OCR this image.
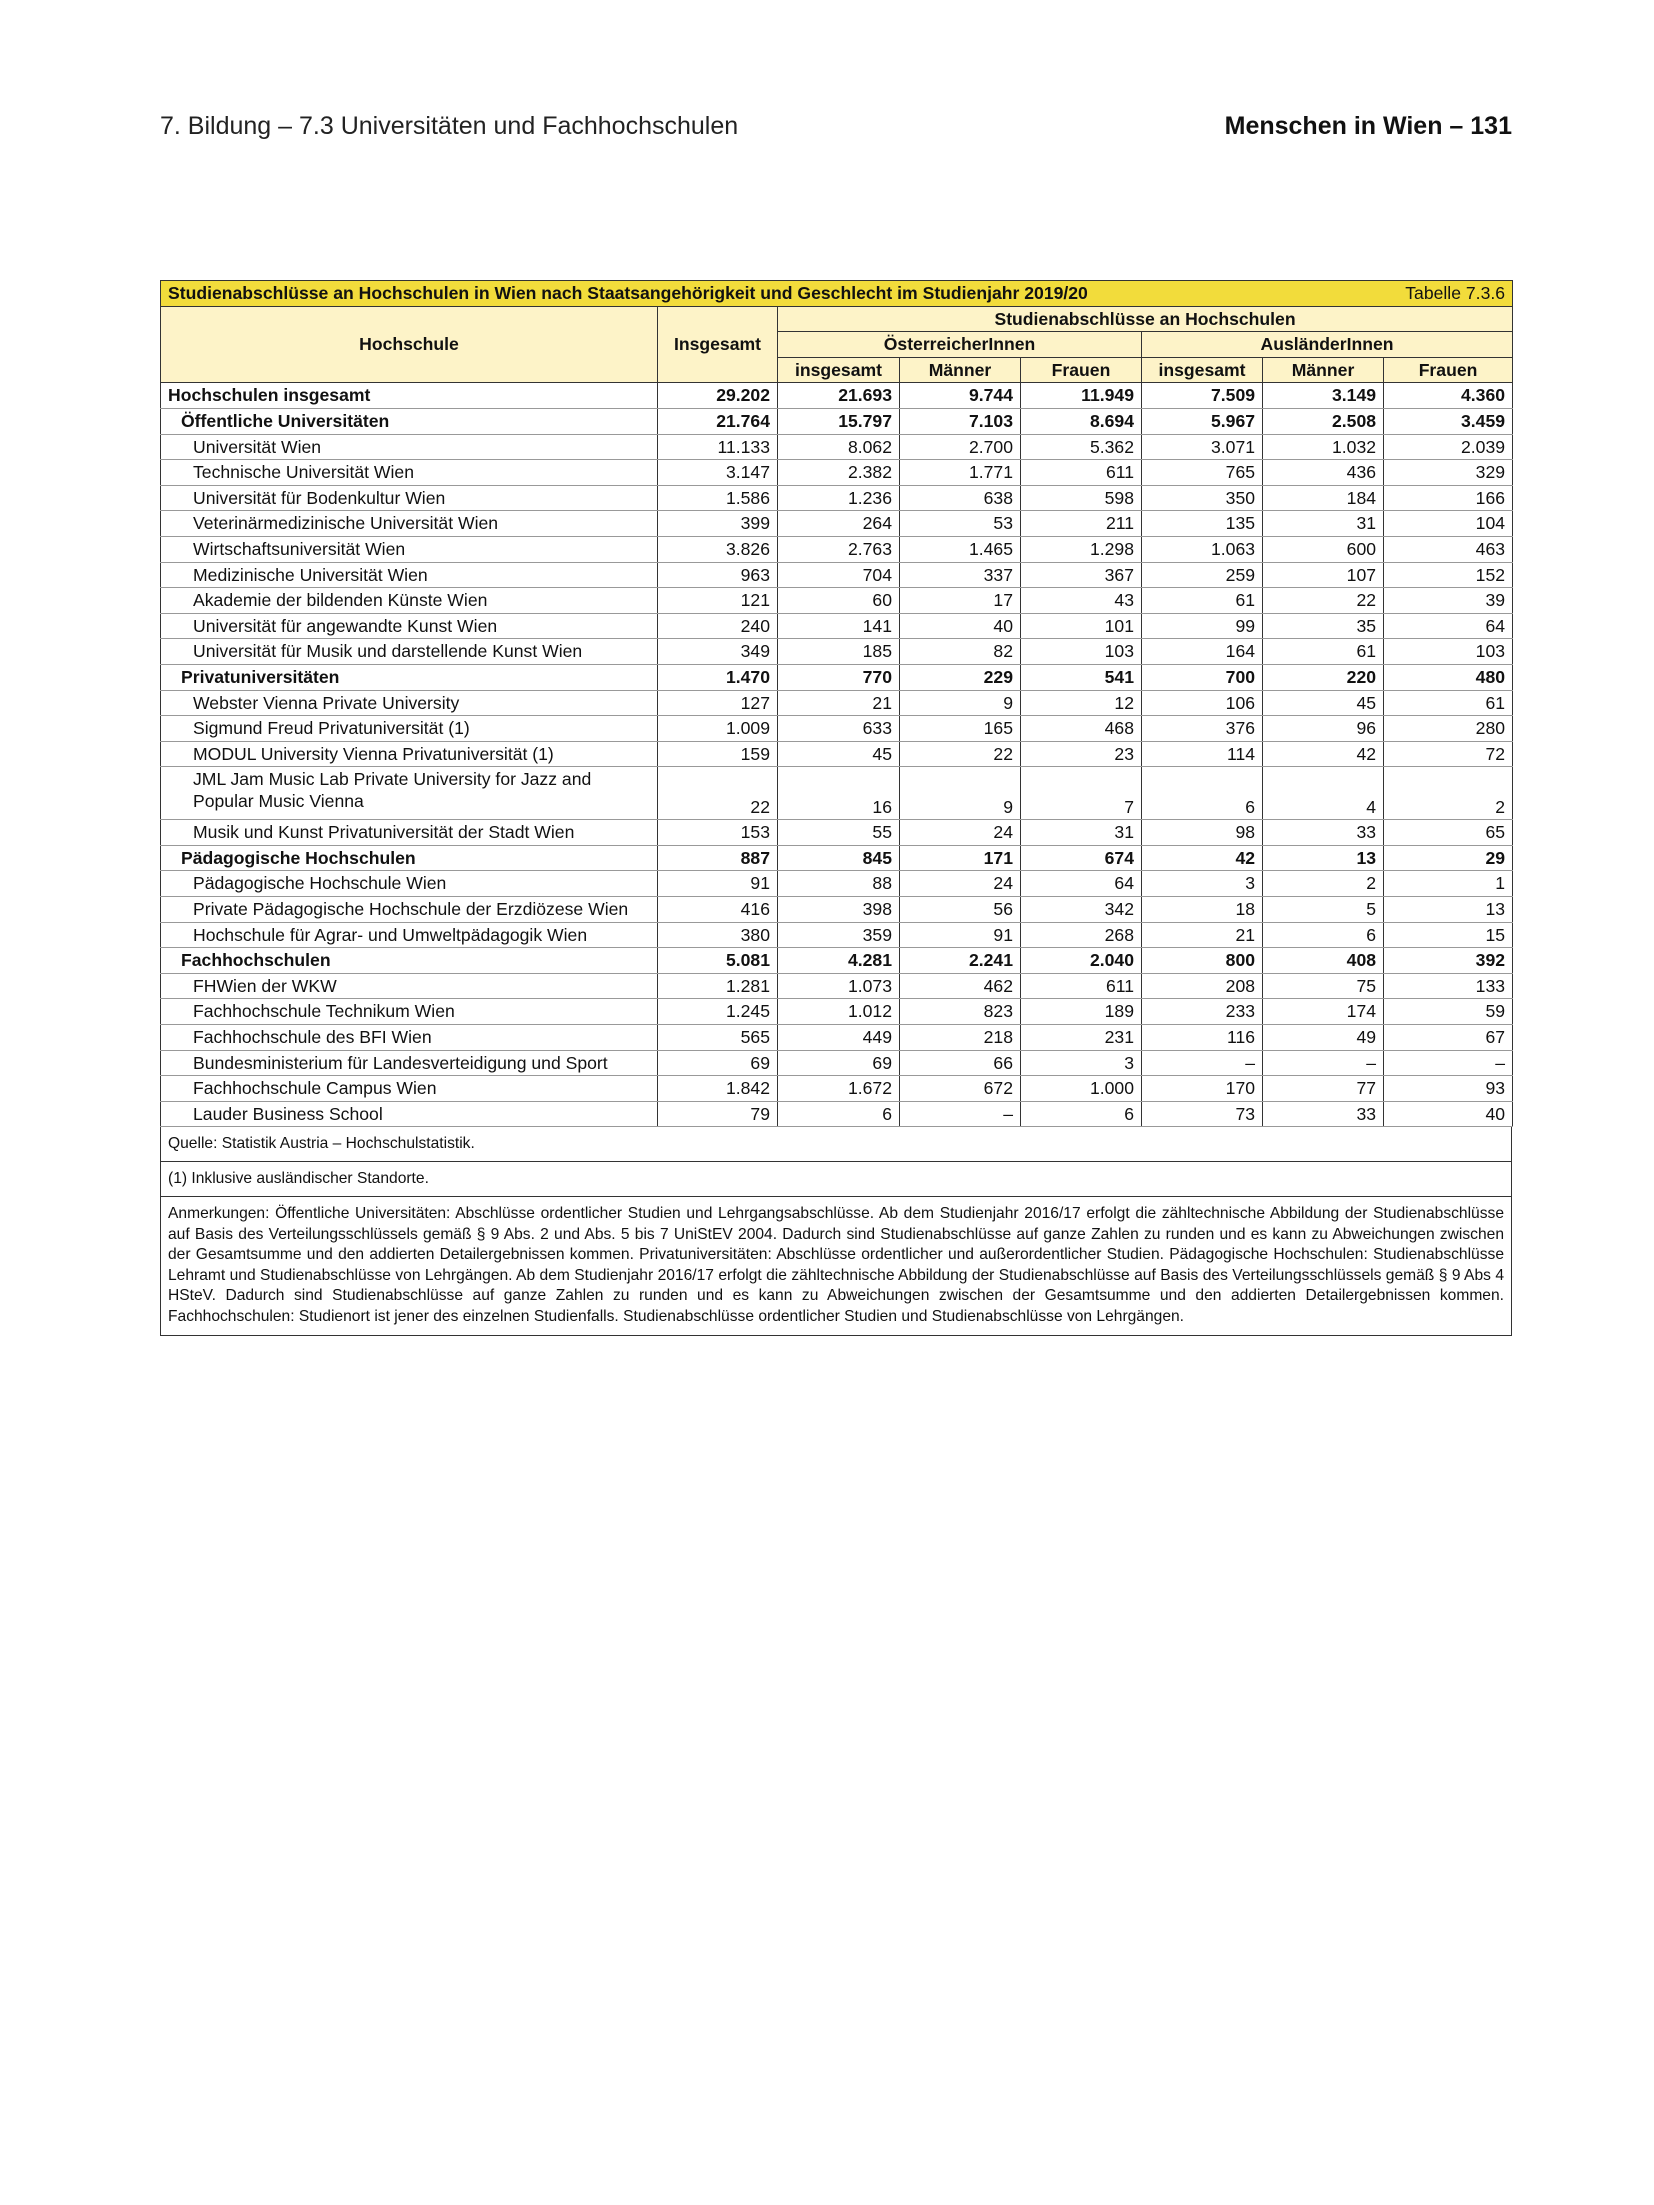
7. Bildung – 7.3 Universitäten und Fachhochschulen	Menschen in Wien – 131
Studienabschlüsse an Hochschulen in Wien nach Staatsangehörigkeit und Geschlecht im Studienjahr 2019/20						Tabelle 7.3.6	
Hochschule	Insgesamt	Studienabschlüsse an Hochschulen					
		ÖsterreicherInnen			AusländerInnen		
		insgesamt	Männer	Frauen	insgesamt	Männer	Frauen
Hochschulen insgesamt	29.202	21.693	9.744	11.949	7.509	3.149	4.360
Öffentliche Universitäten	21.764	15.797	7.103	8.694	5.967	2.508	3.459
Universität Wien	11.133	8.062	2.700	5.362	3.071	1.032	2.039
Technische Universität Wien	3.147	2.382	1.771	611	765	436	329
Universität für Bodenkultur Wien	1.586	1.236	638	598	350	184	166
Veterinärmedizinische Universität Wien	399	264	53	211	135	31	104
Wirtschaftsuniversität Wien	3.826	2.763	1.465	1.298	1.063	600	463
Medizinische Universität Wien	963	704	337	367	259	107	152
Akademie der bildenden Künste Wien	121	60	17	43	61	22	39
Universität für angewandte Kunst Wien	240	141	40	101	99	35	64
Universität für Musik und darstellende Kunst Wien	349	185	82	103	164	61	103
Privatuniversitäten	1.470	770	229	541	700	220	480
Webster Vienna Private University	127	21	9	12	106	45	61
Sigmund Freud Privatuniversität (1)	1.009	633	165	468	376	96	280
MODUL University Vienna Privatuniversität (1)	159	45	22	23	114	42	72
JML Jam Music Lab Private University for Jazz and Popular Music Vienna	22	16	9	7	6	4	2
Musik und Kunst Privatuniversität der Stadt Wien	153	55	24	31	98	33	65
Pädagogische Hochschulen	887	845	171	674	42	13	29
Pädagogische Hochschule Wien	91	88	24	64	3	2	1
Private Pädagogische Hochschule der Erzdiözese Wien	416	398	56	342	18	5	13
Hochschule für Agrar- und Umweltpädagogik Wien	380	359	91	268	21	6	15
Fachhochschulen	5.081	4.281	2.241	2.040	800	408	392
FHWien der WKW	1.281	1.073	462	611	208	75	133
Fachhochschule Technikum Wien	1.245	1.012	823	189	233	174	59
Fachhochschule des BFI Wien	565	449	218	231	116	49	67
Bundesministerium für Landesverteidigung und Sport	69	69	66	3	–	–	–
Fachhochschule Campus Wien	1.842	1.672	672	1.000	170	77	93
Lauder Business School	79	6	–	6	73	33	40
Quelle: Statistik Austria – Hochschulstatistik.
(1) Inklusive ausländischer Standorte.
Anmerkungen: Öffentliche Universitäten: Abschlüsse ordentlicher Studien und Lehrgangsabschlüsse. Ab dem Studienjahr 2016/17 erfolgt die zähltechnische Abbildung der Studienabschlüsse auf Basis des Verteilungsschlüssels gemäß § 9 Abs. 2 und Abs. 5 bis 7 UniStEV 2004. Dadurch sind Studienabschlüsse auf ganze Zahlen zu runden und es kann zu Abweichungen zwischen der Gesamtsumme und den addierten Detailergebnissen kommen. Privatuniversitäten: Abschlüsse ordentlicher und außerordentlicher Studien. Pädagogische Hochschulen: Studienabschlüsse Lehramt und Studienabschlüsse von Lehrgängen. Ab dem Studienjahr 2016/17 erfolgt die zähltechnische Abbildung der Studienabschlüsse auf Basis des Verteilungsschlüssels gemäß § 9 Abs 4 HSteV. Dadurch sind Studienabschlüsse auf ganze Zahlen zu runden und es kann zu Abweichungen zwischen der Gesamtsumme und den addierten Detailergebnissen kommen. Fachhochschulen: Studienort ist jener des einzelnen Studienfalls. Studienabschlüsse ordentlicher Studien und Studienabschlüsse von Lehrgängen.
